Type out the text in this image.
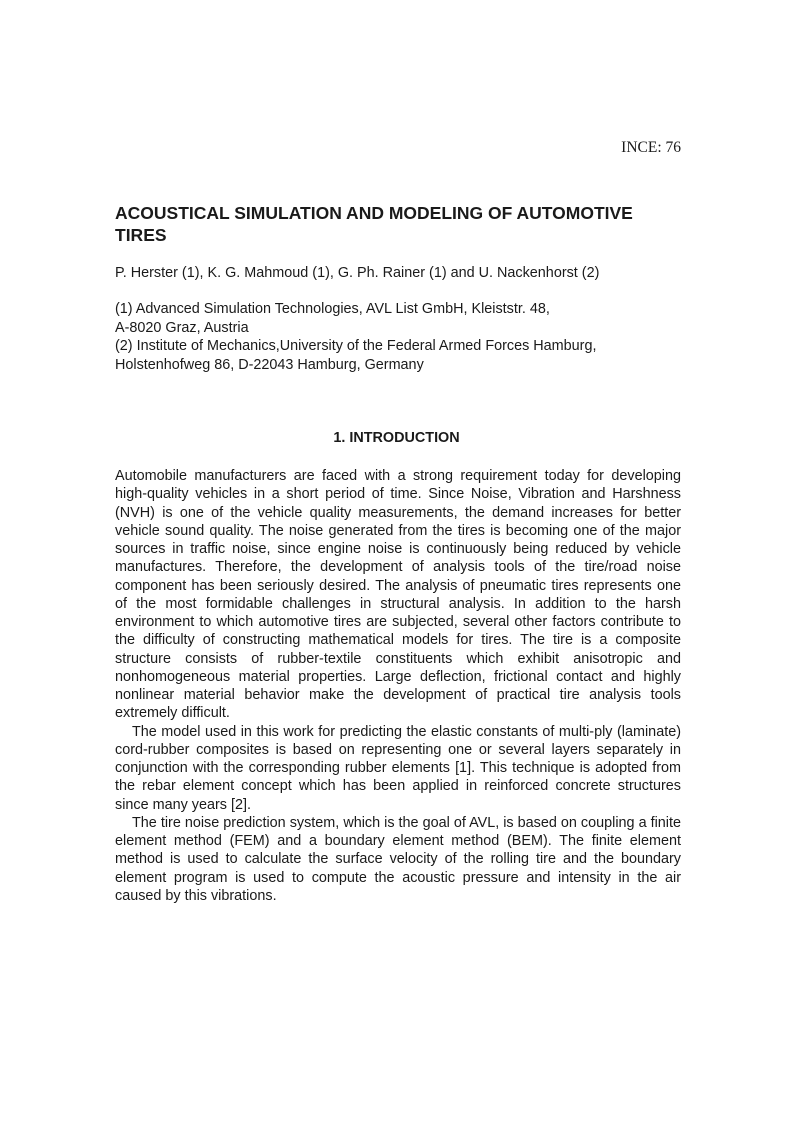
INCE: 76
ACOUSTICAL SIMULATION AND MODELING OF AUTOMOTIVE TIRES
P. Herster (1), K. G. Mahmoud (1), G. Ph. Rainer (1) and U. Nackenhorst (2)
(1) Advanced Simulation Technologies, AVL List GmbH, Kleiststr. 48,
A-8020 Graz, Austria
(2) Institute of Mechanics,University of the Federal Armed Forces Hamburg,
Holstenhofweg 86, D-22043 Hamburg, Germany
1. INTRODUCTION

Automobile manufacturers are faced with a strong requirement today for developing high-quality vehicles in a short period of time. Since Noise, Vibration and Harshness (NVH) is one of the vehicle quality measurements, the demand increases for better vehicle sound quality. The noise generated from the tires is becoming one of the major sources in traffic noise, since engine noise is continuously being reduced by vehicle manufactures. Therefore, the development of analysis tools of the tire/road noise component has been seriously desired. The analysis of pneumatic tires represents one of the most formidable challenges in structural analysis. In addition to the harsh environment to which automotive tires are subjected, several other factors contribute to the difficulty of constructing mathematical models for tires. The tire is a composite structure consists of rubber-textile constituents which exhibit anisotropic and nonhomogeneous material properties. Large deflection, frictional contact and highly nonlinear material behavior make the development of practical tire analysis tools extremely difficult.

The model used in this work for predicting the elastic constants of multi-ply (laminate) cord-rubber composites is based on representing one or several layers separately in conjunction with the corresponding rubber elements [1]. This technique is adopted from the rebar element concept which has been applied in reinforced concrete structures since many years [2].

The tire noise prediction system, which is the goal of AVL, is based on coupling a finite element method (FEM) and a boundary element method (BEM). The finite element method is used to calculate the surface velocity of the rolling tire and the boundary element program is used to compute the acoustic pressure and intensity in the air caused by this vibrations.
